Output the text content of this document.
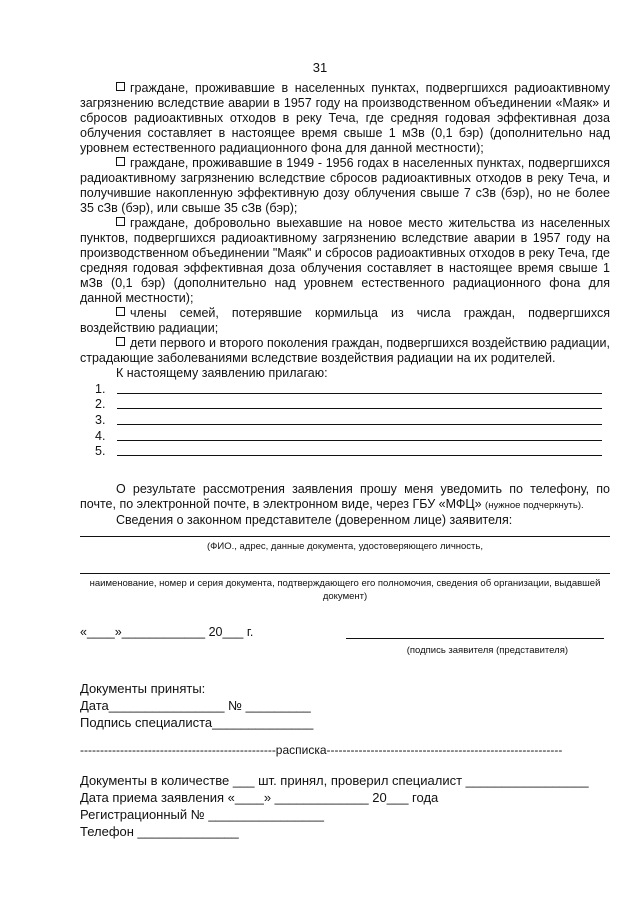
31

граждане, проживавшие в населенных пунктах, подвергшихся радиоактивному загрязнению вследствие аварии в 1957 году на производственном объединении «Маяк» и сбросов радиоактивных отходов в реку Теча, где средняя годовая эффективная доза облучения составляет в настоящее время свыше 1 мЗв (0,1 бэр) (дополнительно над уровнем естественного радиационного фона для данной местности);

граждане, проживавшие в 1949 - 1956 годах в населенных пунктах, подвергшихся радиоактивному загрязнению вследствие сбросов радиоактивных отходов в реку Теча, и получившие накопленную эффективную дозу облучения свыше 7 сЗв (бэр), но не более 35 сЗв (бэр), или свыше 35 сЗв (бэр);

граждане, добровольно выехавшие на новое место жительства из населенных пунктов, подвергшихся радиоактивному загрязнению вследствие аварии в 1957 году на производственном объединении "Маяк" и сбросов радиоактивных отходов в реку Теча, где средняя годовая эффективная доза облучения составляет в настоящее время свыше 1 мЗв (0,1 бэр) (дополнительно над уровнем естественного радиационного фона для данной местности);

члены семей, потерявшие кормильца из числа граждан, подвергшихся воздействию радиации;

дети первого и второго поколения граждан, подвергшихся воздействию радиации, страдающие заболеваниями вследствие воздействия радиации на их родителей.

К настоящему заявлению прилагаю:

1.
2.
3.
4.
5.

О результате рассмотрения заявления прошу меня уведомить по телефону, по почте, по электронной почте, в электронном виде, через ГБУ «МФЦ» (нужное подчеркнуть).

Сведения о законном представителе (доверенном лице) заявителя:

(ФИО., адрес, данные документа, удостоверяющего личность,
наименование, номер и серия документа, подтверждающего его полномочия, сведения об организации, выдавшей документ)
«____»____________ 20___ г.
(подпись заявителя (представителя)

Документы приняты:

Дата________________ № _________

Подпись специалиста______________

-------------------------------------------------расписка-----------------------------------------------------------

Документы в количестве ___ шт. принял, проверил специалист _________________

Дата приема заявления «____» _____________ 20___ года

Регистрационный № ________________

Телефон ______________
